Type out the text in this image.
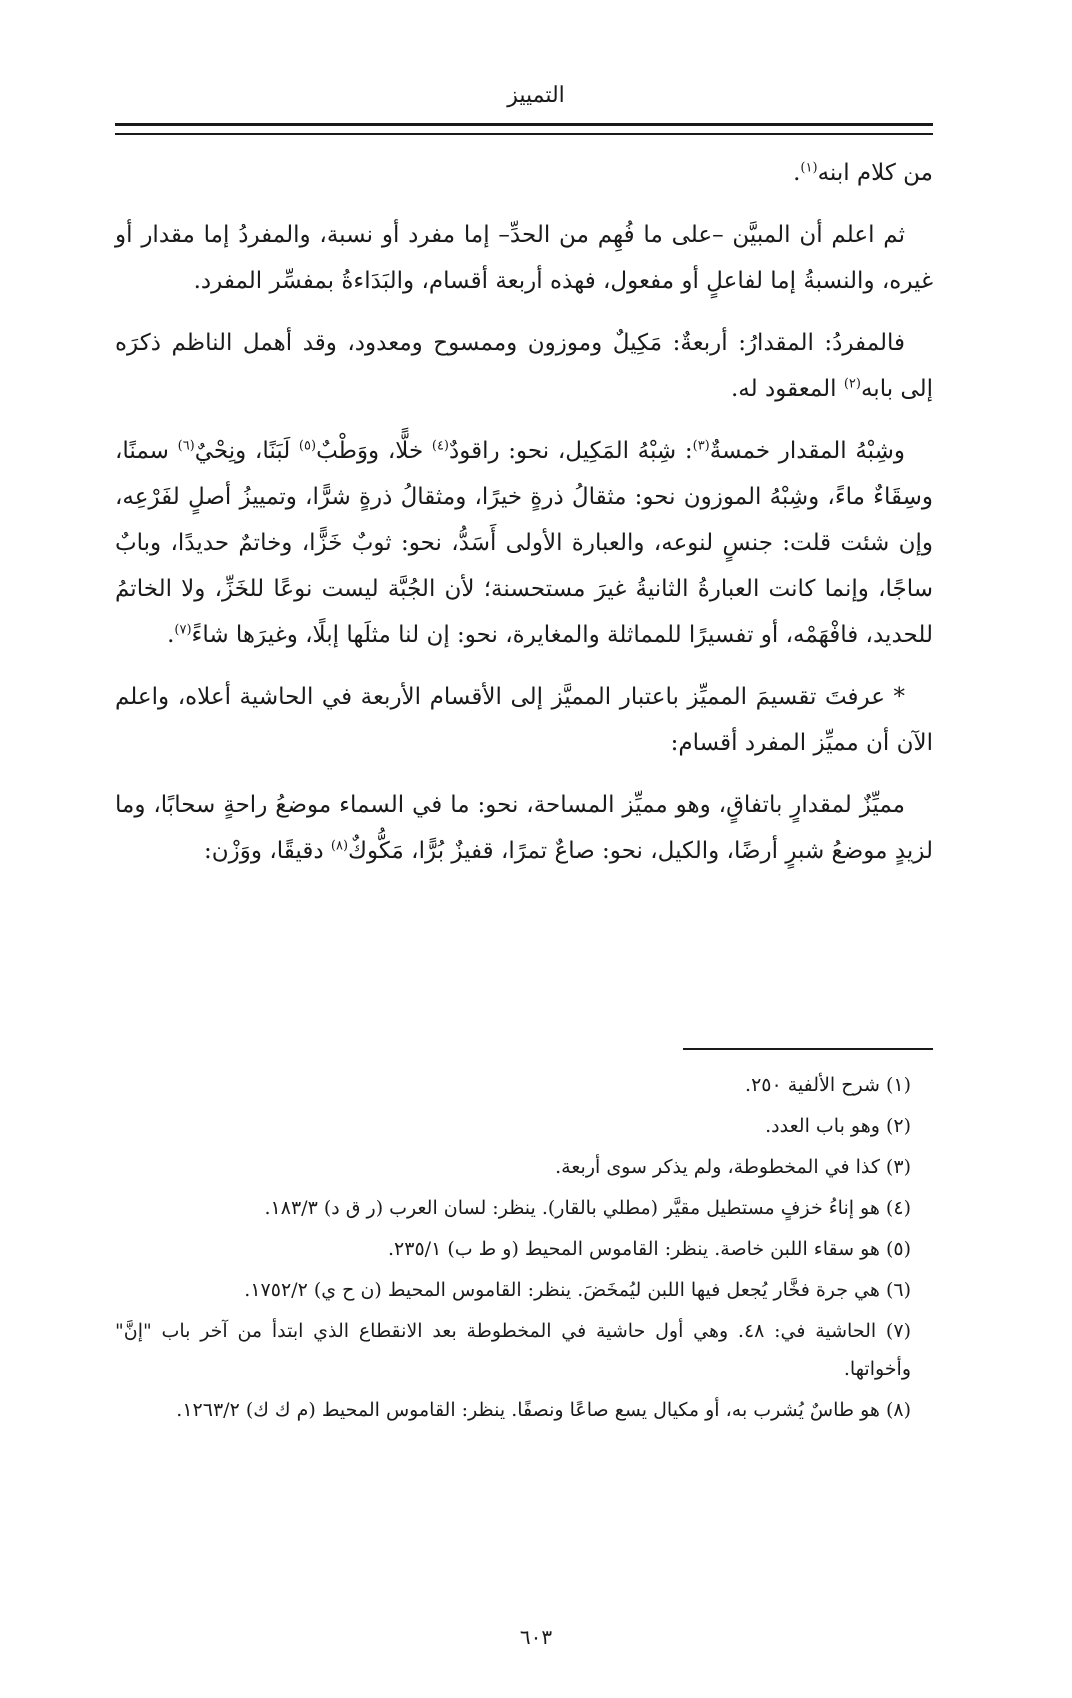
التمييز

من كلام ابنه$^{(١)}$.

ثم اعلم أن المبيَّن –على ما فُهِم من الحدِّ– إما مفرد أو نسبة، والمفردُ إما مقدار أو غيره، والنسبةُ إما لفاعلٍ أو مفعول، فهذه أربعة أقسام، والبَدَاءةُ بمفسِّر المفرد.

فالمفردُ: المقدارُ: أربعةٌ: مَكِيلٌ وموزون وممسوح ومعدود، وقد أهمل الناظم ذكرَه إلى بابه$^{(٢)}$ المعقود له.

وشِبْهُ المقدار خمسةٌ$^{(٣)}$: شِبْهُ المَكِيل، نحو: راقودٌ$^{(٤)}$ خلًّا، ووَطْبٌ$^{(٥)}$ لَبَنًا، ونِحْيٌ$^{(٦)}$ سمنًا، وسِقَاءٌ ماءً، وشِبْهُ الموزون نحو: مثقالُ ذرةٍ خيرًا، ومثقالُ ذرةٍ شرًّا، وتمييزُ أصلٍ لفَرْعِه، وإن شئت قلت: جنسٍ لنوعه، والعبارة الأولى أَسَدُّ، نحو: ثوبٌ خَزًّا، وخاتمٌ حديدًا، وبابٌ ساجًا، وإنما كانت العبارةُ الثانيةُ غيرَ مستحسنة؛ لأن الجُبَّة ليست نوعًا للخَزِّ، ولا الخاتمُ للحديد، فافْهَمْه، أو تفسيرًا للمماثلة والمغايرة، نحو: إن لنا مثلَها إبلًا، وغيرَها شاءً$^{(٧)}$.

* عرفتَ تقسيمَ المميِّز باعتبار المميَّز إلى الأقسام الأربعة في الحاشية أعلاه، واعلم الآن أن مميِّز المفرد أقسام:

مميِّزٌ لمقدارٍ باتفاقٍ، وهو مميِّز المساحة، نحو: ما في السماء موضعُ راحةٍ سحابًا، وما لزيدٍ موضعُ شبرٍ أرضًا، والكيل، نحو: صاعٌ تمرًا، قفيزٌ بُرًّا، مَكُّوكٌ$^{(٨)}$ دقيقًا، ووَزْن:

(١) شرح الألفية ٢٥٠.

(٢) وهو باب العدد.

(٣) كذا في المخطوطة، ولم يذكر سوى أربعة.

(٤) هو إناءُ خزفٍ مستطيل مقيَّر (مطلي بالقار). ينظر: لسان العرب (ر ق د) ١٨٣/٣.

(٥) هو سقاء اللبن خاصة. ينظر: القاموس المحيط (و ط ب) ٢٣٥/١.

(٦) هي جرة فخَّار يُجعل فيها اللبن ليُمخَضَ. ينظر: القاموس المحيط (ن ح ي) ١٧٥٢/٢.

(٧) الحاشية في: ٤٨. وهي أول حاشية في المخطوطة بعد الانقطاع الذي ابتدأ من آخر باب "إنَّ" وأخواتها.

(٨) هو طاسٌ يُشرب به، أو مكيال يسع صاعًا ونصفًا. ينظر: القاموس المحيط (م ك ك) ١٢٦٣/٢.

٦٠٣
